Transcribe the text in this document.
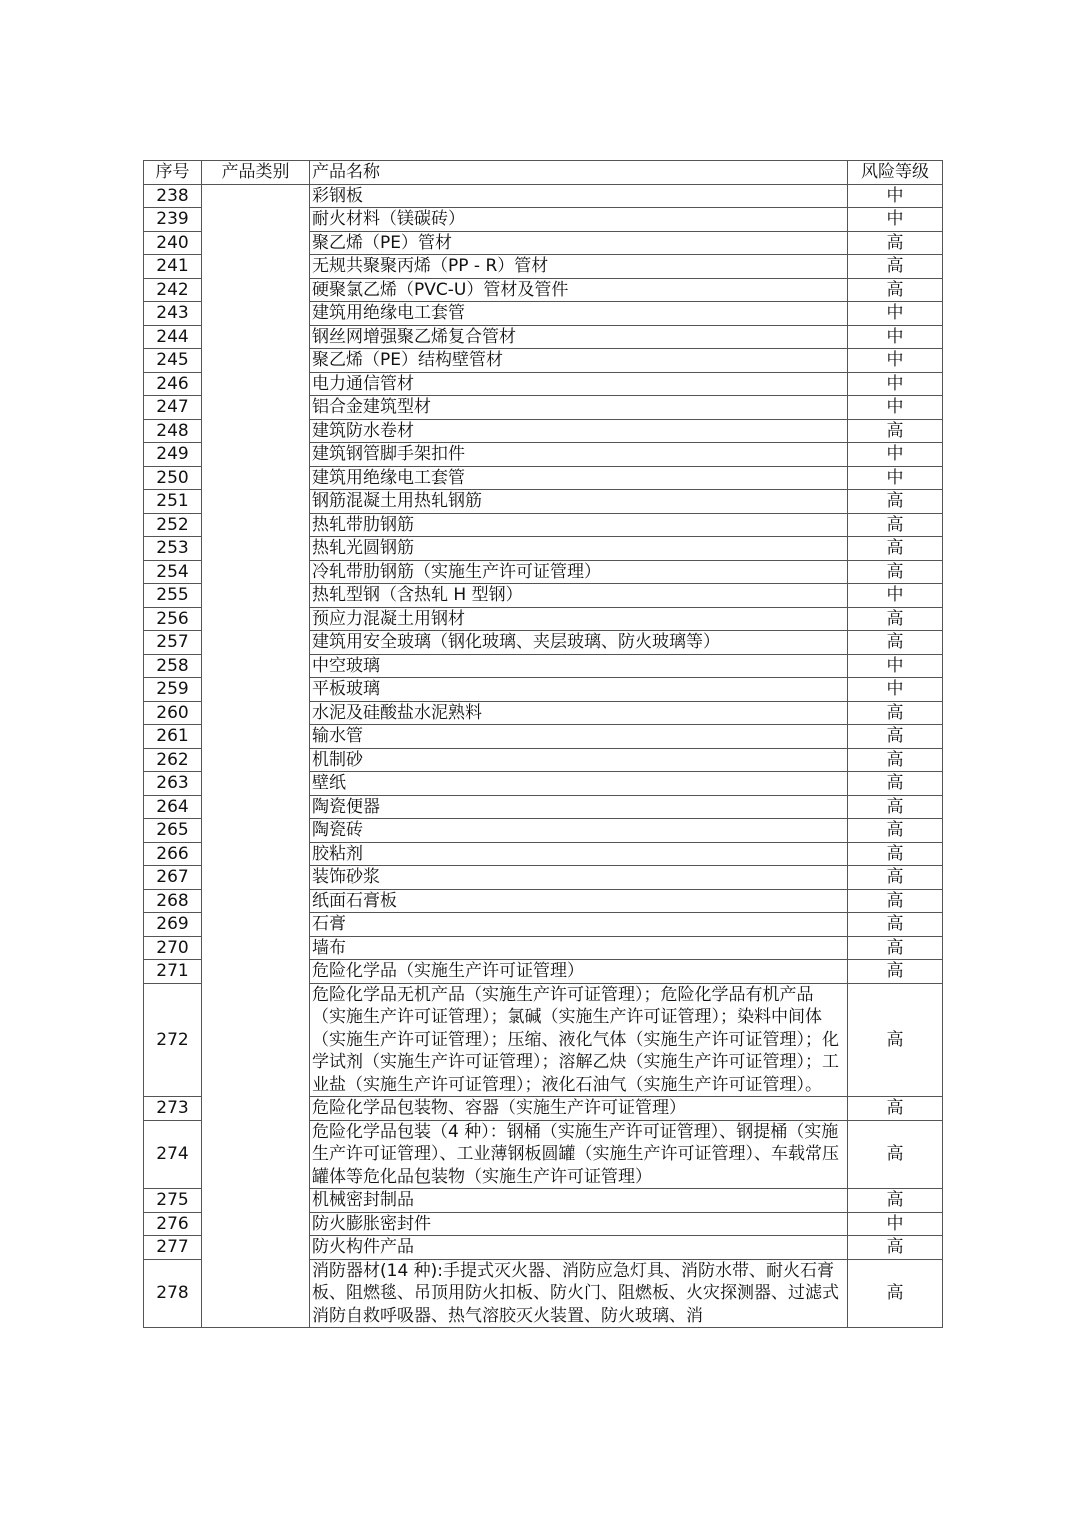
序号	产品类别	产品名称	风险等级
238		彩钢板	中
239		耐火材料（镁碳砖）	中
240		聚乙烯（PE）管材	高
241		无规共聚聚丙烯（PP - R）管材	高
242		硬聚氯乙烯（PVC-U）管材及管件	高
243		建筑用绝缘电工套管	中
244		钢丝网增强聚乙烯复合管材	中
245		聚乙烯（PE）结构壁管材	中
246		电力通信管材	中
247		铝合金建筑型材	中
248		建筑防水卷材	高
249		建筑钢管脚手架扣件	中
250		建筑用绝缘电工套管	中
251		钢筋混凝土用热轧钢筋	高
252		热轧带肋钢筋	高
253		热轧光圆钢筋	高
254		冷轧带肋钢筋（实施生产许可证管理）	高
255		热轧型钢（含热轧 H 型钢）	中
256		预应力混凝土用钢材	高
257		建筑用安全玻璃（钢化玻璃、夹层玻璃、防火玻璃等）	高
258		中空玻璃	中
259		平板玻璃	中
260		水泥及硅酸盐水泥熟料	高
261		输水管	高
262		机制砂	高
263		壁纸	高
264		陶瓷便器	高
265		陶瓷砖	高
266		胶粘剂	高
267		装饰砂浆	高
268		纸面石膏板	高
269		石膏	高
270		墙布	高
271		危险化学品（实施生产许可证管理）	高
272		危险化学品无机产品（实施生产许可证管理）；危险化学品有机产品（实施生产许可证管理）；氯碱（实施生产许可证管理）；染料中间体（实施生产许可证管理）；压缩、液化气体（实施生产许可证管理）；化学试剂（实施生产许可证管理）；溶解乙炔（实施生产许可证管理）；工业盐（实施生产许可证管理）；液化石油气（实施生产许可证管理）。	高
273		危险化学品包装物、容器（实施生产许可证管理）	高
274		危险化学品包装（4 种）：钢桶（实施生产许可证管理）、钢提桶（实施生产许可证管理）、工业薄钢板圆罐（实施生产许可证管理）、车载常压罐体等危化品包装物（实施生产许可证管理）	高
275		机械密封制品	高
276		防火膨胀密封件	中
277		防火构件产品	高
278		消防器材(14 种):手提式灭火器、消防应急灯具、消防水带、耐火石膏板、阻燃毯、吊顶用防火扣板、防火门、阻燃板、火灾探测器、过滤式消防自救呼吸器、热气溶胶灭火装置、防火玻璃、消	高
